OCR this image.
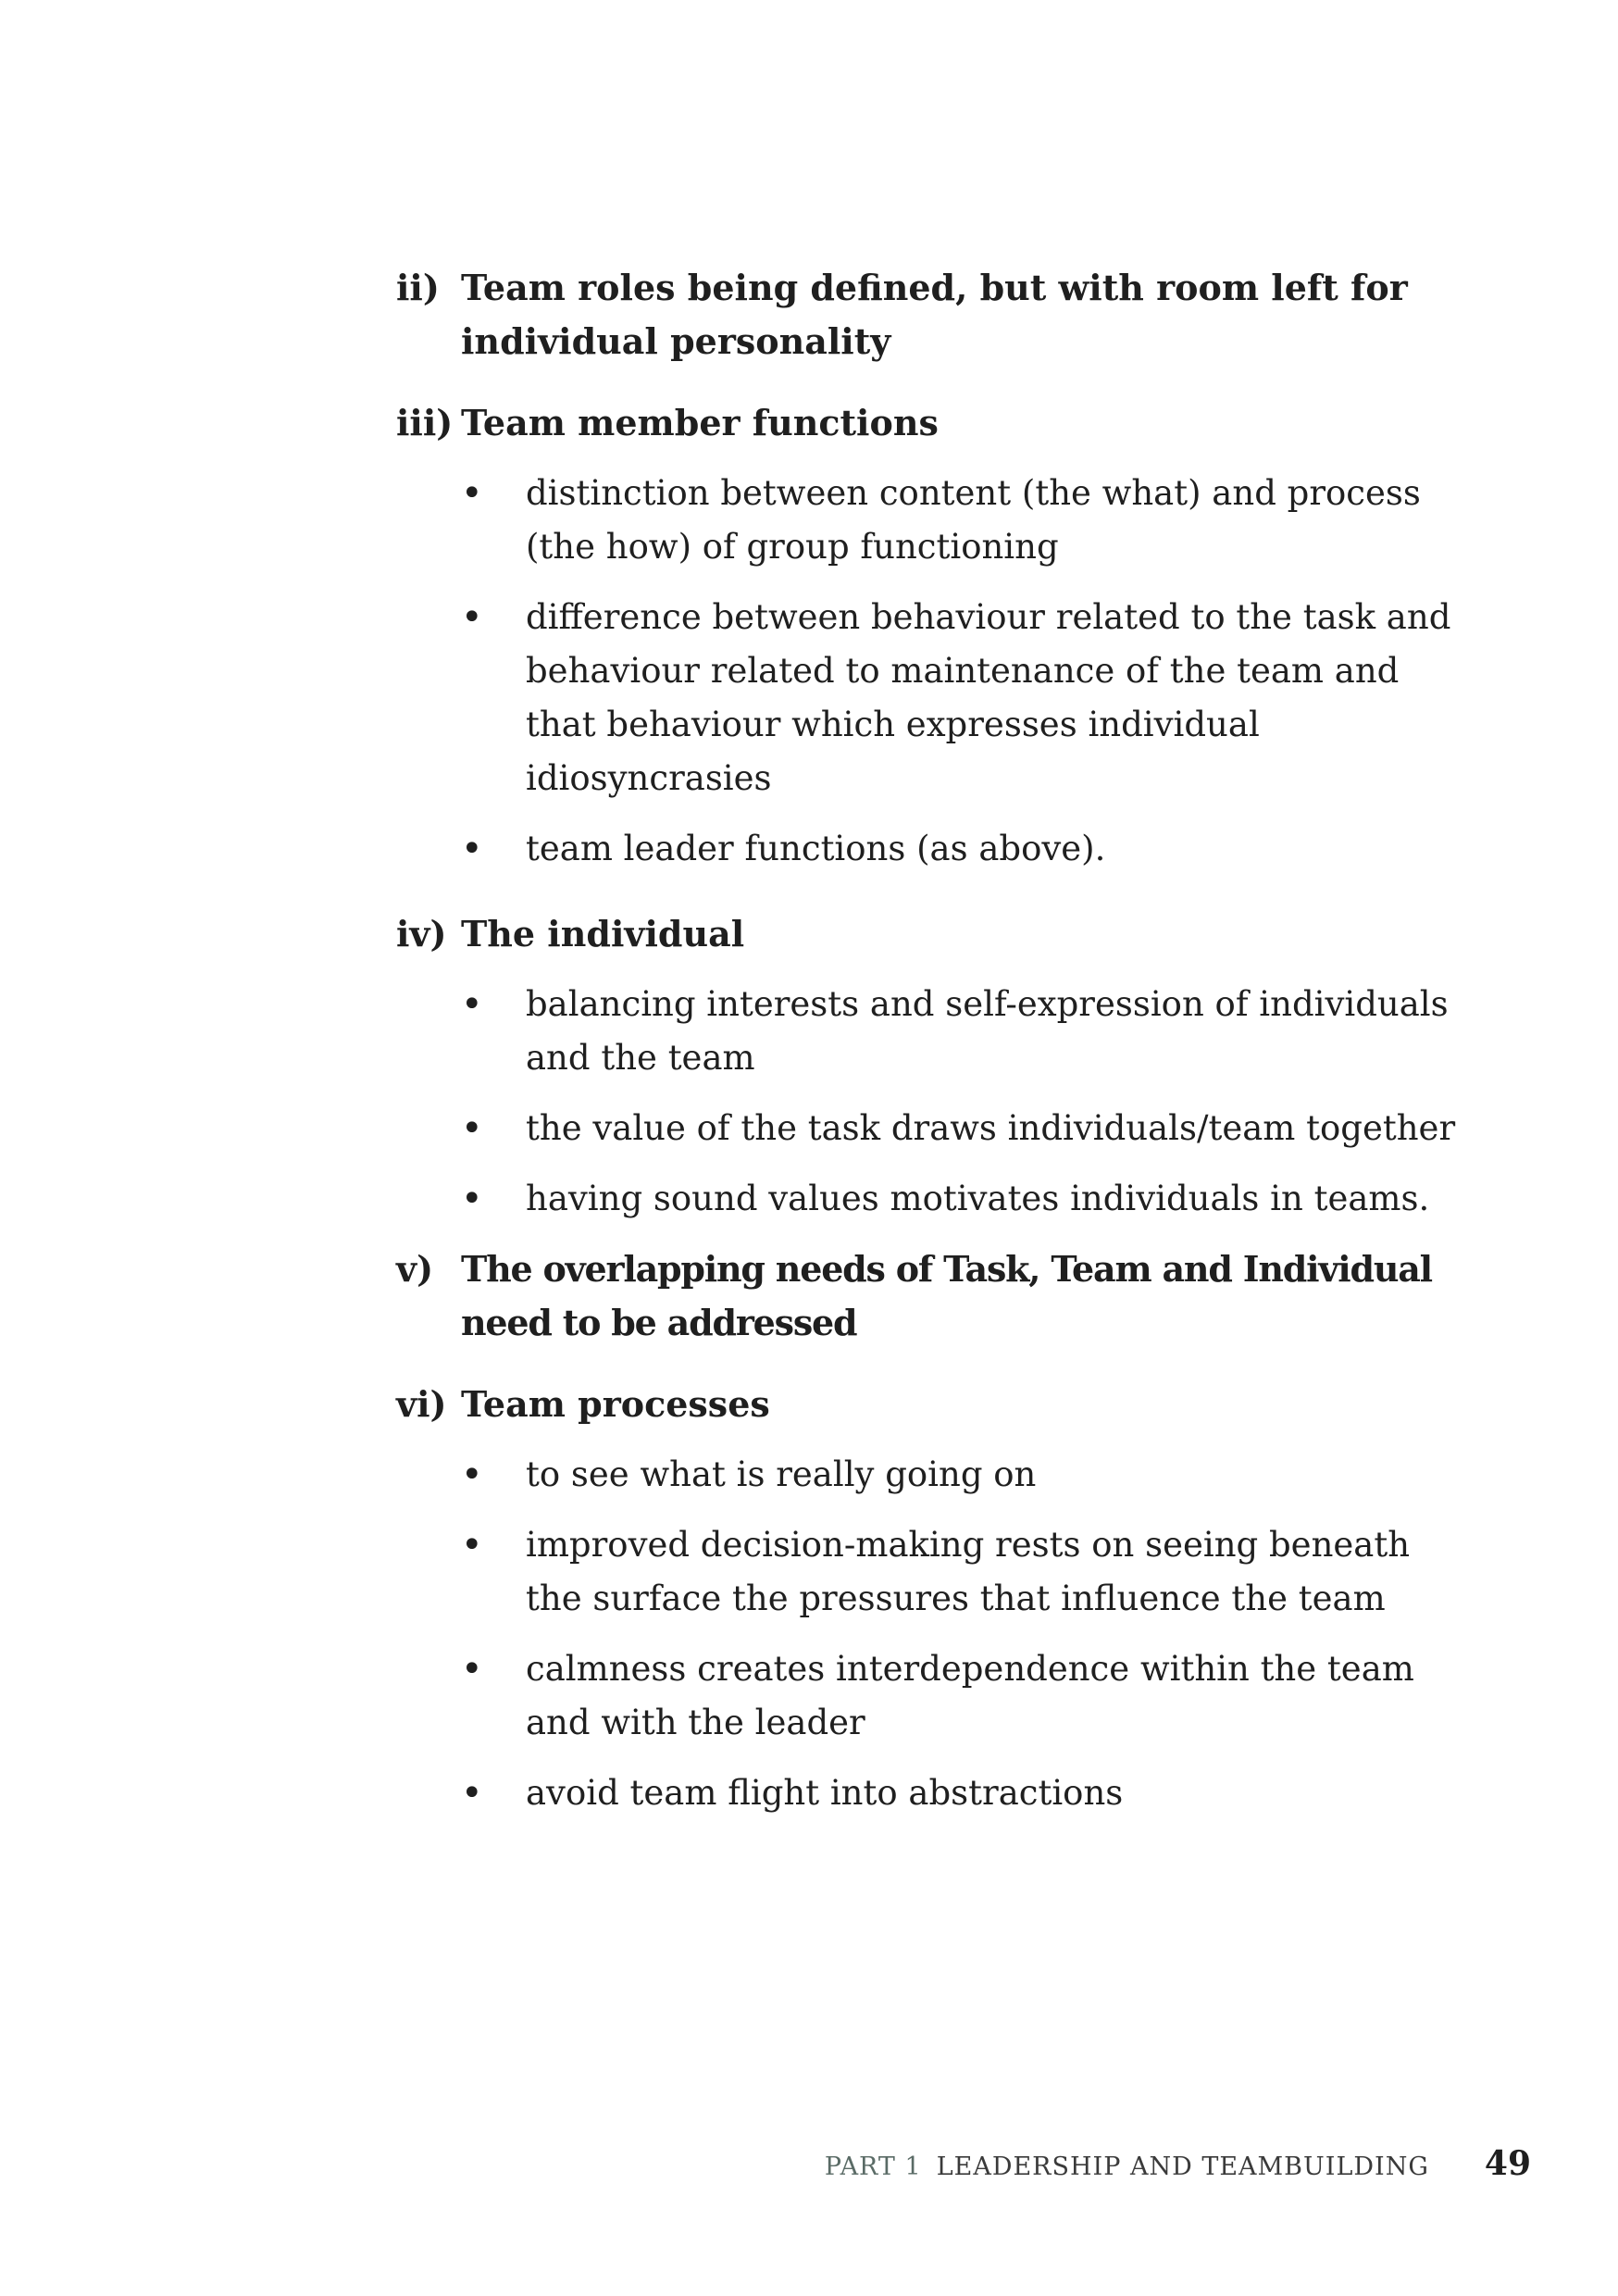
ii) Team roles being defined, but with room left for individual personality
iii) Team member functions
•	distinction between content (the what) and process (the how) of group functioning
•	difference between behaviour related to the task and behaviour related to maintenance of the team and that behaviour which expresses individual idiosyncrasies
•	team leader functions (as above).
iv) The individual
•	balancing interests and self-expression of individuals and the team
•	the value of the task draws individuals/team together
•	having sound values motivates individuals in teams.
v) The overlapping needs of Task, Team and Individual need to be addressed
vi) Team processes
•	to see what is really going on
•	improved decision-making rests on seeing beneath the surface the pressures that influence the team
•	calmness creates interdependence within the team and with the leader
•	avoid team flight into abstractions
PART 1 LEADERSHIP AND TEAMBUILDING 49
